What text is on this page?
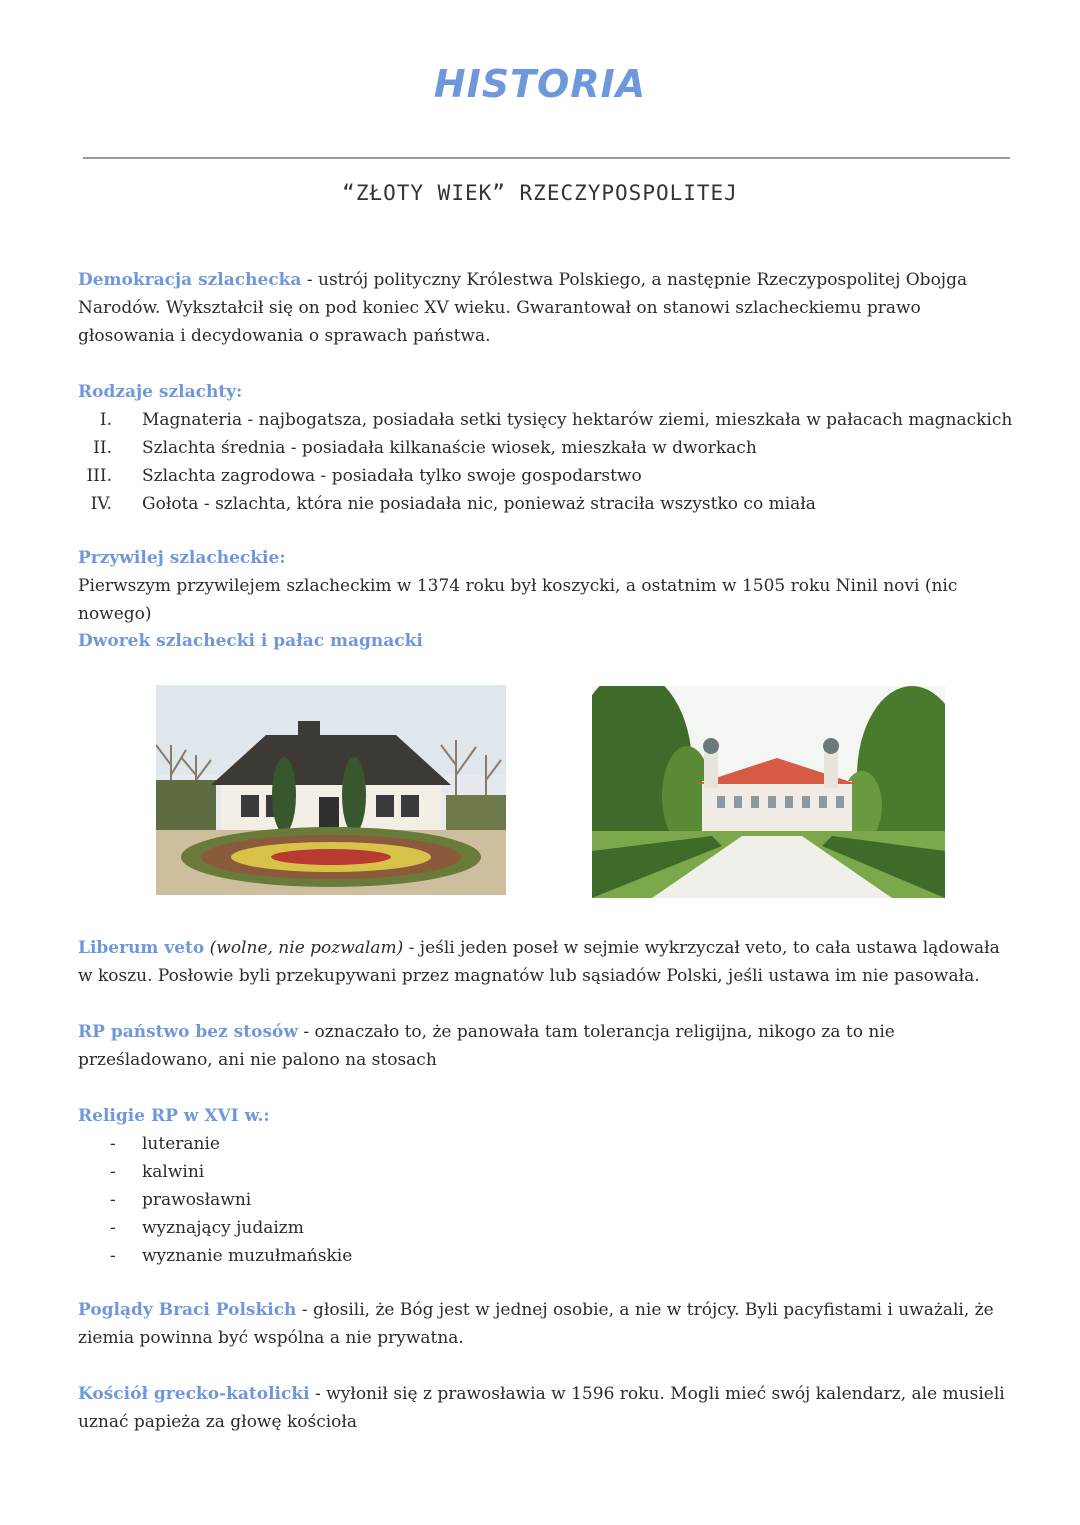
HISTORIA
“ZŁOTY WIEK” RZECZYPOSPOLITEJ
Demokracja szlachecka - ustrój polityczny Królestwa Polskiego, a następnie Rzeczypospolitej Obojga Narodów. Wykształcił się on pod koniec XV wieku. Gwarantował on stanowi szlacheckiemu prawo głosowania i decydowania o sprawach państwa.
Rodzaje szlachty:
I. Magnateria - najbogatsza, posiadała setki tysięcy hektarów ziemi, mieszkała w pałacach magnackich
II. Szlachta średnia - posiadała kilkanaście wiosek, mieszkała w dworkach
III. Szlachta zagrodowa - posiadała tylko swoje gospodarstwo
IV. Gołota - szlachta, która nie posiadała nic, ponieważ straciła wszystko co miała
Przywilej szlacheckie:
Pierwszym przywilejem szlacheckim w 1374 roku był koszycki, a ostatnim w 1505 roku Ninil novi (nic nowego)
Dworek szlachecki i pałac magnacki
Liberum veto (wolne, nie pozwalam) - jeśli jeden poseł w sejmie wykrzyczał veto, to cała ustawa lądowała w koszu. Posłowie byli przekupywani przez magnatów lub sąsiadów Polski, jeśli ustawa im nie pasowała.
RP państwo bez stosów - oznaczało to, że panowała tam tolerancja religijna, nikogo za to nie prześladowano, ani nie palono na stosach
Religie RP w XVI w.:
- luteranie
- kalwini
- prawosławni
- wyznający judaizm
- wyznanie muzułmańskie
Poglądy Braci Polskich - głosili, że Bóg jest w jednej osobie, a nie w trójcy. Byli pacyfistami i uważali, że ziemia powinna być wspólna a nie prywatna.
Kościół grecko-katolicki - wyłonił się z prawosławia w 1596 roku. Mogli mieć swój kalendarz, ale musieli uznać papieża za głowę kościoła
